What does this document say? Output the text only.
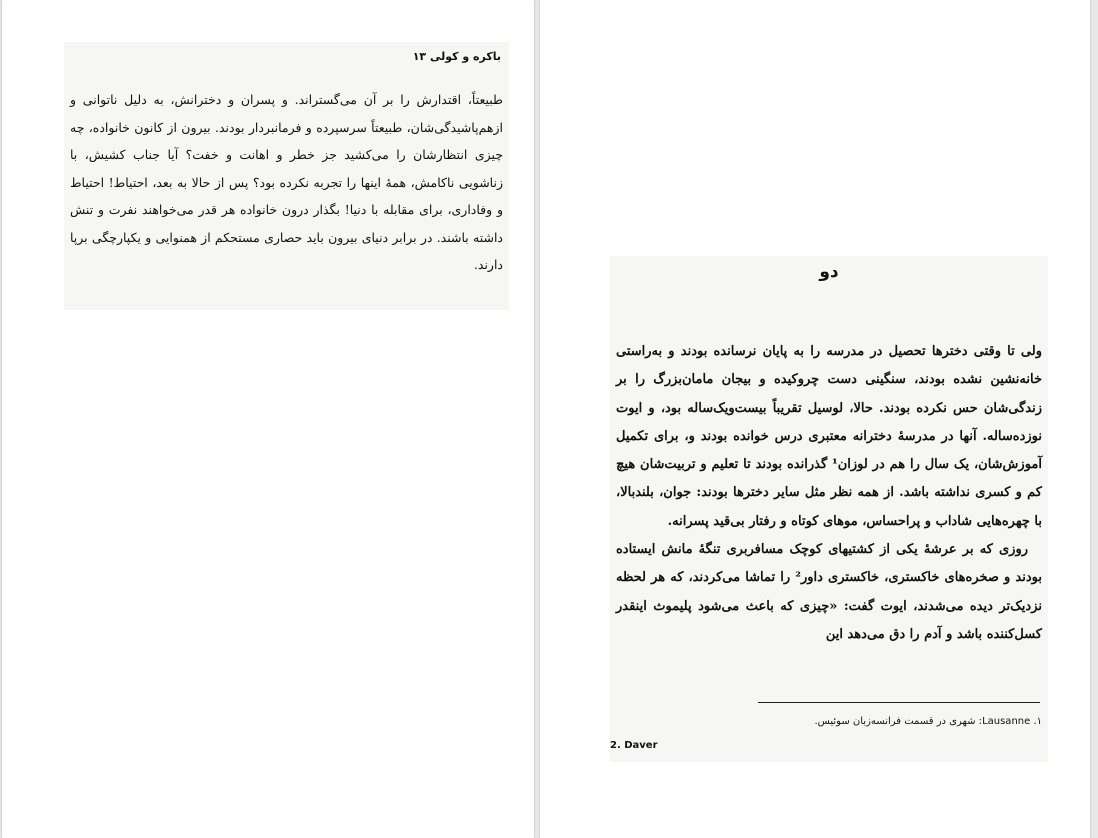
باکره و کولی ۱۳

طبیعتاً، اقتدارش را بر آن می‌گستراند. و پسران و دخترانش، به دلیل ناتوانی و ازهم‌پاشیدگی‌شان، طبیعتاً سرسپرده و فرمانبردار بودند. بیرون از کانون خانواده، چه چیزی انتظارشان را می‌کشید جز خطر و اهانت و خفت؟ آیا جناب کشیش، با زناشویی ناکامش، همهٔ اینها را تجربه نکرده بود؟ پس از حالا به بعد، احتیاط! احتیاط و وفاداری، برای مقابله با دنیا! بگذار درون خانواده هر قدر می‌خواهند نفرت و تنش داشته باشند. در برابر دنیای بیرون باید حصاری مستحکم از همنوایی و یکپارچگی برپا دارند.	دو

ولی تا وقتی دخترها تحصیل در مدرسه را به پایان نرسانده بودند و به‌راستی خانه‌نشین نشده بودند، سنگینی دست چروکیده و بیجان مامان‌بزرگ را بر زندگی‌شان حس نکرده بودند. حالا، لوسیل تقریباً بیست‌ویک‌ساله بود، و ایوت نوزده‌ساله. آنها در مدرسهٔ دخترانه معتبری درس خوانده بودند و، برای تکمیل آموزش‌شان، یک سال را هم در لوزان¹ گذرانده بودند تا تعلیم و تربیت‌شان هیچ کم و کسری نداشته باشد. از همه نظر مثل سایر دخترها بودند: جوان، بلندبالا، با چهره‌هایی شاداب و پراحساس، موهای کوتاه و رفتار بی‌قید پسرانه.

روزی که بر عرشهٔ یکی از کشتیهای کوچک مسافربری تنگهٔ مانش ایستاده بودند و صخره‌های خاکستری، خاکستری داور² را تماشا می‌کردند، که هر لحظه نزدیک‌تر دیده می‌شدند، ایوت گفت: «چیزی که باعث می‌شود پلیموث اینقدر کسل‌کننده باشد و آدم را دق می‌دهد این

۱. Lausanne: شهری در قسمت فرانسه‌زبان سوئیس.
2. Daver
